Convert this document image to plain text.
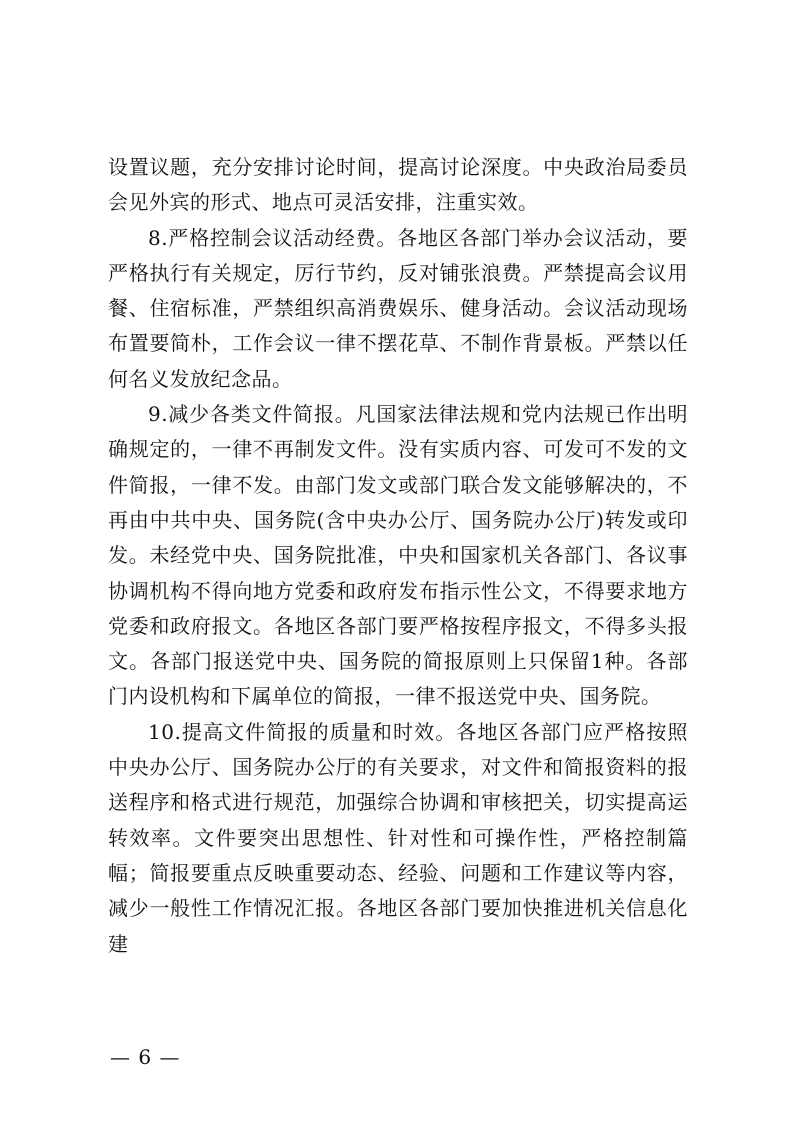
设置议题，充分安排讨论时间，提高讨论深度。中央政治局委员会见外宾的形式、地点可灵活安排，注重实效。

8.严格控制会议活动经费。各地区各部门举办会议活动，要严格执行有关规定，厉行节约，反对铺张浪费。严禁提高会议用餐、住宿标准，严禁组织高消费娱乐、健身活动。会议活动现场布置要简朴，工作会议一律不摆花草、不制作背景板。严禁以任何名义发放纪念品。

9.减少各类文件简报。凡国家法律法规和党内法规已作出明确规定的，一律不再制发文件。没有实质内容、可发可不发的文件简报，一律不发。由部门发文或部门联合发文能够解决的，不再由中共中央、国务院(含中央办公厅、国务院办公厅)转发或印发。未经党中央、国务院批准，中央和国家机关各部门、各议事协调机构不得向地方党委和政府发布指示性公文，不得要求地方党委和政府报文。各地区各部门要严格按程序报文，不得多头报文。各部门报送党中央、国务院的简报原则上只保留1种。各部门内设机构和下属单位的简报，一律不报送党中央、国务院。

10.提高文件简报的质量和时效。各地区各部门应严格按照中央办公厅、国务院办公厅的有关要求，对文件和简报资料的报送程序和格式进行规范，加强综合协调和审核把关，切实提高运转效率。文件要突出思想性、针对性和可操作性，严格控制篇幅；简报要重点反映重要动态、经验、问题和工作建议等内容，减少一般性工作情况汇报。各地区各部门要加快推进机关信息化建

— 6 —
